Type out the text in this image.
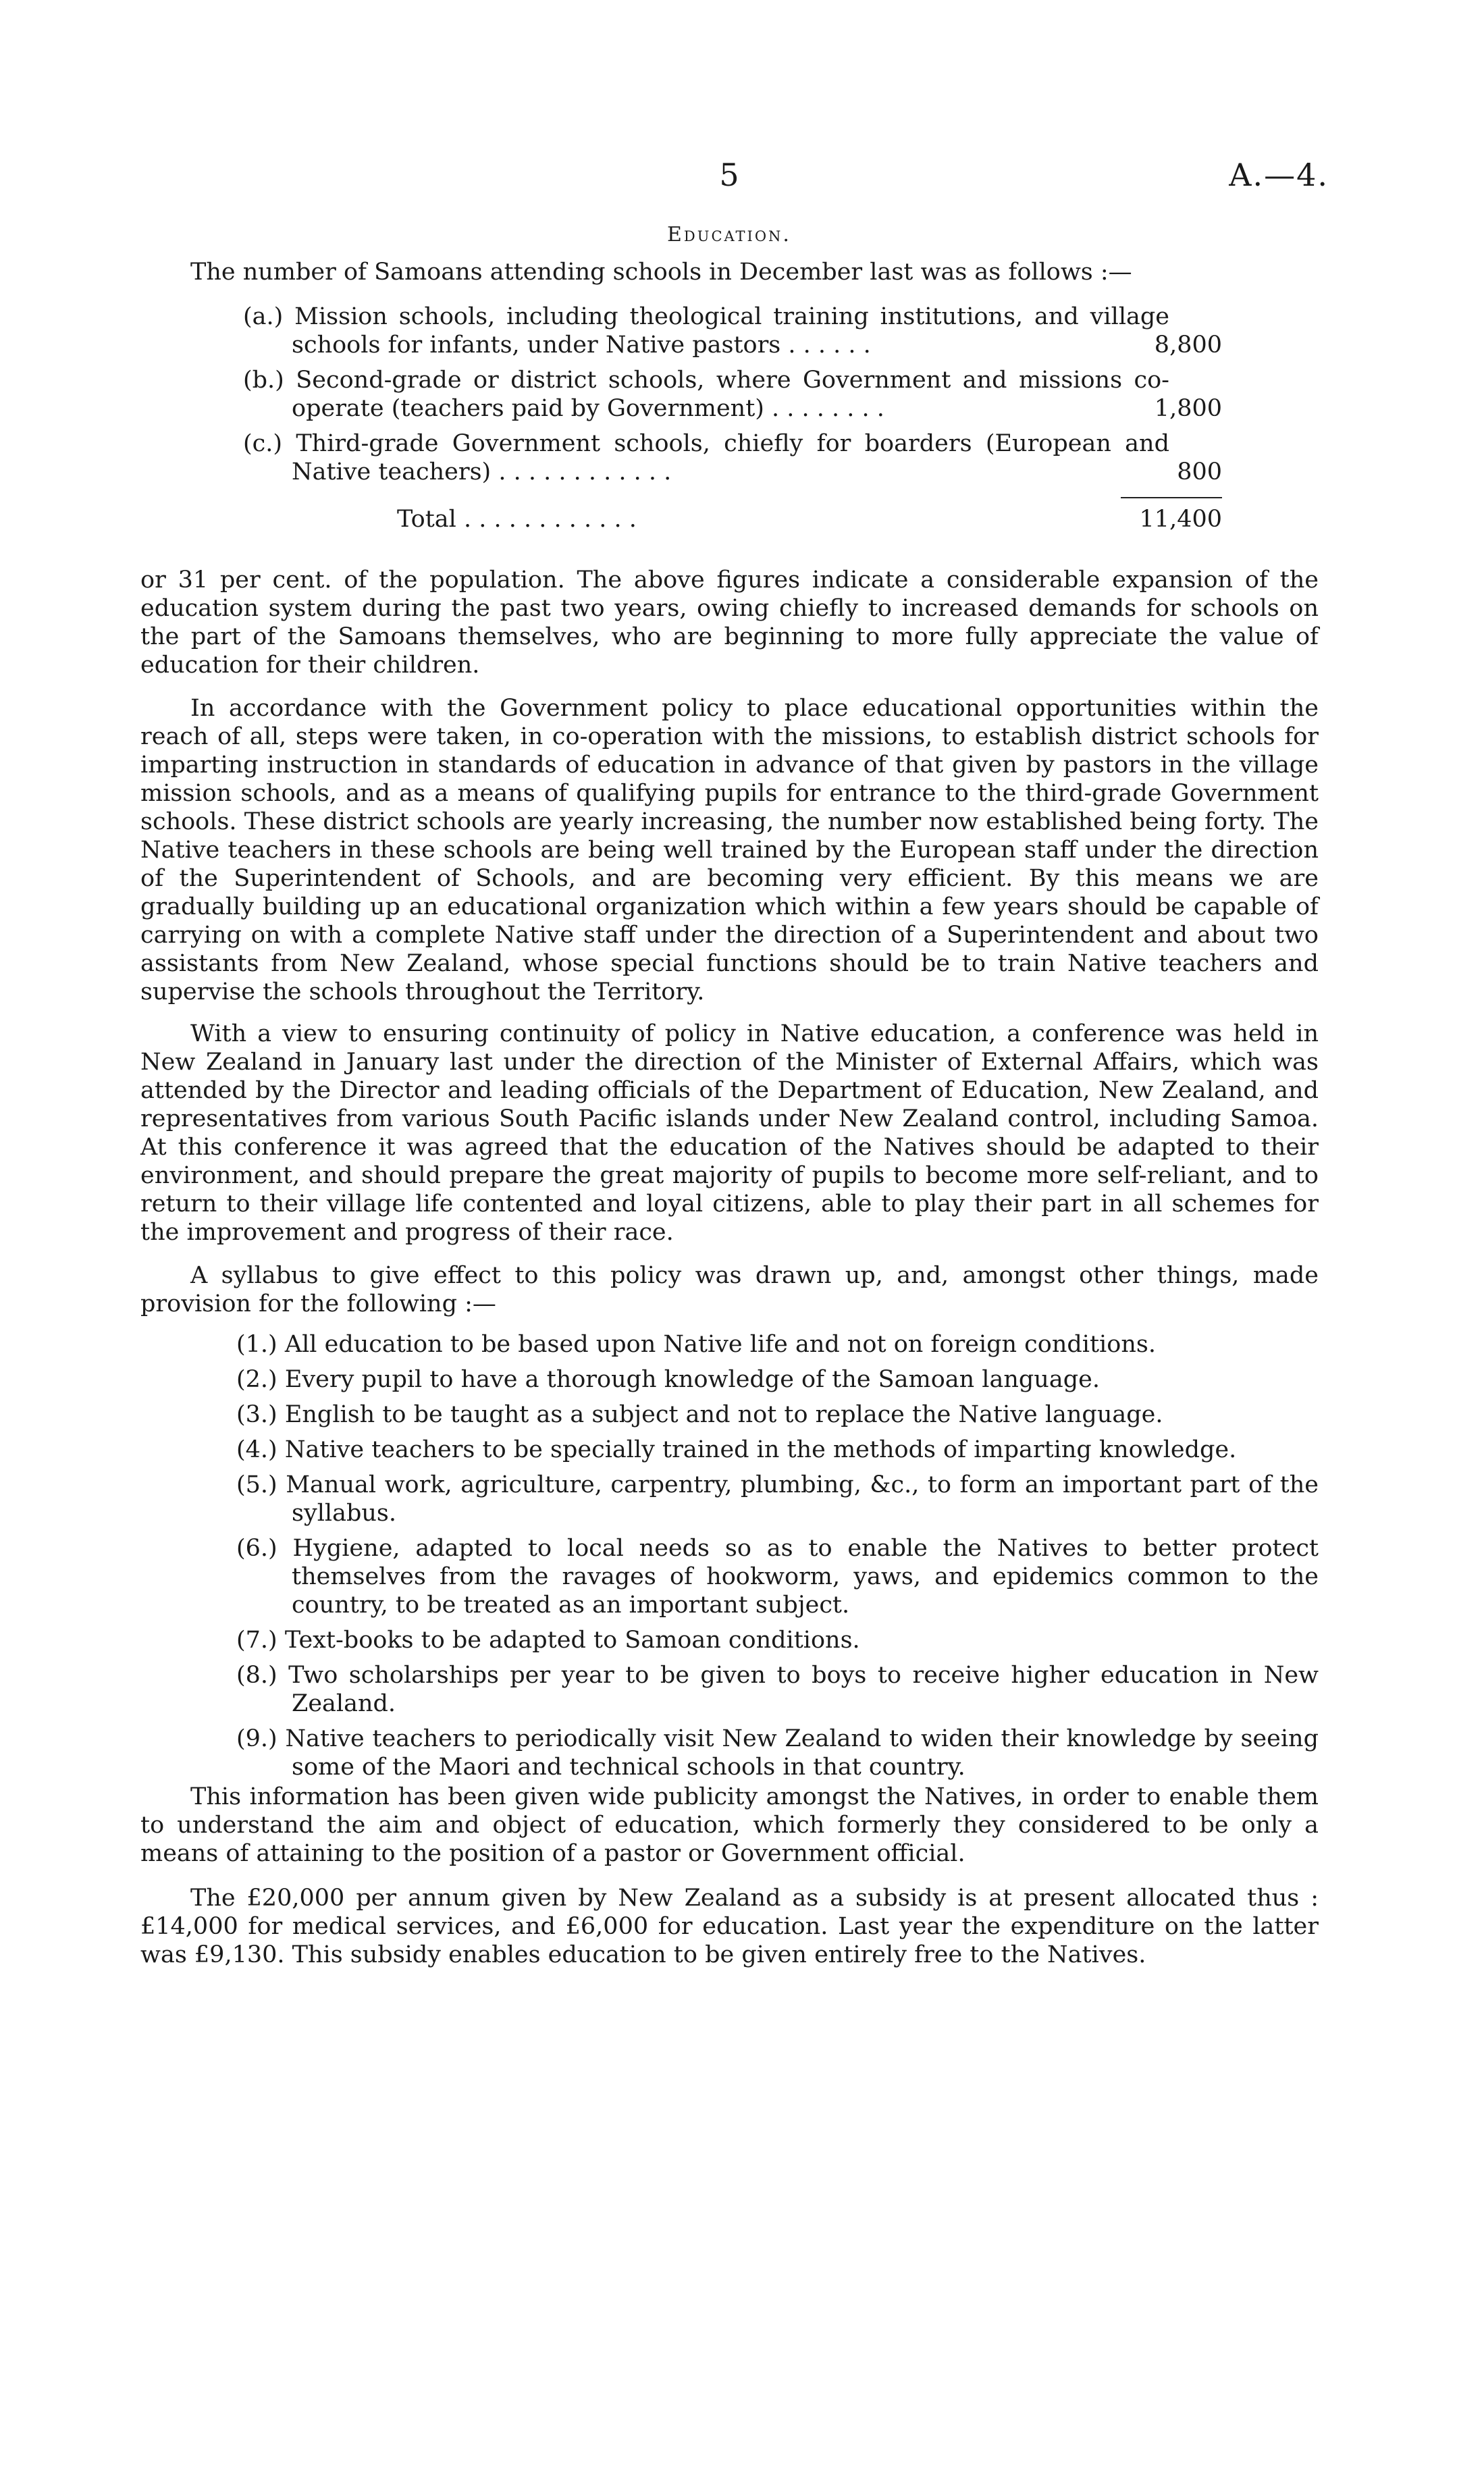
5	A.—4.
Education.

The number of Samoans attending schools in December last was as follows :—

(a.) Mission schools, including theological training institutions, and village schools for infants, under Native pastors . . . . . .	8,800
(b.) Second-grade or district schools, where Government and missions co-operate (teachers paid by Government) . . . . . . . .	1,800
(c.) Third-grade Government schools, chiefly for boarders (European and Native teachers) . . . . . . . . . . . .	800
Total . . . . . . . . . . . .	11,400

or 31 per cent. of the population. The above figures indicate a considerable expansion of the education system during the past two years, owing chiefly to increased demands for schools on the part of the Samoans themselves, who are beginning to more fully appreciate the value of education for their children.

In accordance with the Government policy to place educational opportunities within the reach of all, steps were taken, in co-operation with the missions, to establish district schools for imparting instruction in standards of education in advance of that given by pastors in the village mission schools, and as a means of qualifying pupils for entrance to the third-grade Government schools. These district schools are yearly increasing, the number now established being forty. The Native teachers in these schools are being well trained by the European staff under the direction of the Superintendent of Schools, and are becoming very efficient. By this means we are gradually building up an educational organization which within a few years should be capable of carrying on with a complete Native staff under the direction of a Superintendent and about two assistants from New Zealand, whose special functions should be to train Native teachers and supervise the schools throughout the Territory.

With a view to ensuring continuity of policy in Native education, a conference was held in New Zealand in January last under the direction of the Minister of External Affairs, which was attended by the Director and leading officials of the Department of Education, New Zealand, and representatives from various South Pacific islands under New Zealand control, including Samoa. At this conference it was agreed that the education of the Natives should be adapted to their environment, and should prepare the great majority of pupils to become more self-reliant, and to return to their village life contented and loyal citizens, able to play their part in all schemes for the improvement and progress of their race.

A syllabus to give effect to this policy was drawn up, and, amongst other things, made provision for the following :—

(1.) All education to be based upon Native life and not on foreign conditions.
(2.) Every pupil to have a thorough knowledge of the Samoan language.
(3.) English to be taught as a subject and not to replace the Native language.
(4.) Native teachers to be specially trained in the methods of imparting knowledge.
(5.) Manual work, agriculture, carpentry, plumbing, &c., to form an important part of the syllabus.
(6.) Hygiene, adapted to local needs so as to enable the Natives to better protect themselves from the ravages of hookworm, yaws, and epidemics common to the country, to be treated as an important subject.
(7.) Text-books to be adapted to Samoan conditions.
(8.) Two scholarships per year to be given to boys to receive higher education in New Zealand.
(9.) Native teachers to periodically visit New Zealand to widen their knowledge by seeing some of the Maori and technical schools in that country.

This information has been given wide publicity amongst the Natives, in order to enable them to understand the aim and object of education, which formerly they considered to be only a means of attaining to the position of a pastor or Government official.

The £20,000 per annum given by New Zealand as a subsidy is at present allocated thus : £14,000 for medical services, and £6,000 for education. Last year the expenditure on the latter was £9,130. This subsidy enables education to be given entirely free to the Natives.
